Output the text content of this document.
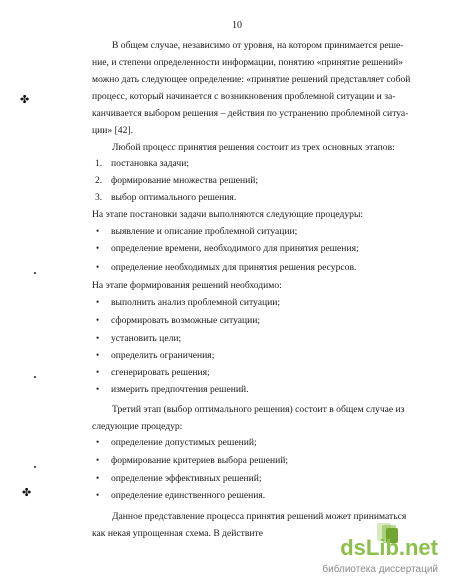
10
✤
✤
В общем случае, независимо от уровня, на котором принимается реше-
ние, и степени определенности информации, понятию «принятие решений»
можно дать следующее определение: «принятие решений представляет собой
процесс, который начинается с возникновения проблемной ситуации и за-
канчивается выбором решения – действия по устранению проблемной ситуа-
ции» [42].
Любой процесс принятия решения состоит из трех основных этапов:
1. постановка задачи;
2. формирование множества решений;
3. выбор оптимального решения.
На этапе постановки задачи выполняются следующие процедуры:
• выявление и описание проблемной ситуации;
• определение времени, необходимого для принятия решения;
• определение необходимых для принятия решения ресурсов.
На этапе формирования решений необходимо:
• выполнить анализ проблемной ситуации;
• сформировать возможные ситуации;
• установить цели;
• определить ограничения;
• сгенерировать решения;
• измерить предпочтения решений.
Третий этап (выбор оптимального решения) состоит в общем случае из
следующие процедур:
• определение допустимых решений;
• формирование критериев выбора решений;
• определение эффективных решений;
• определение единственного решения.
Данное представление процесса принятия решений может приниматься
как некая упрощенная схема. В действите
dsLib.net
библиотека диссертаций
